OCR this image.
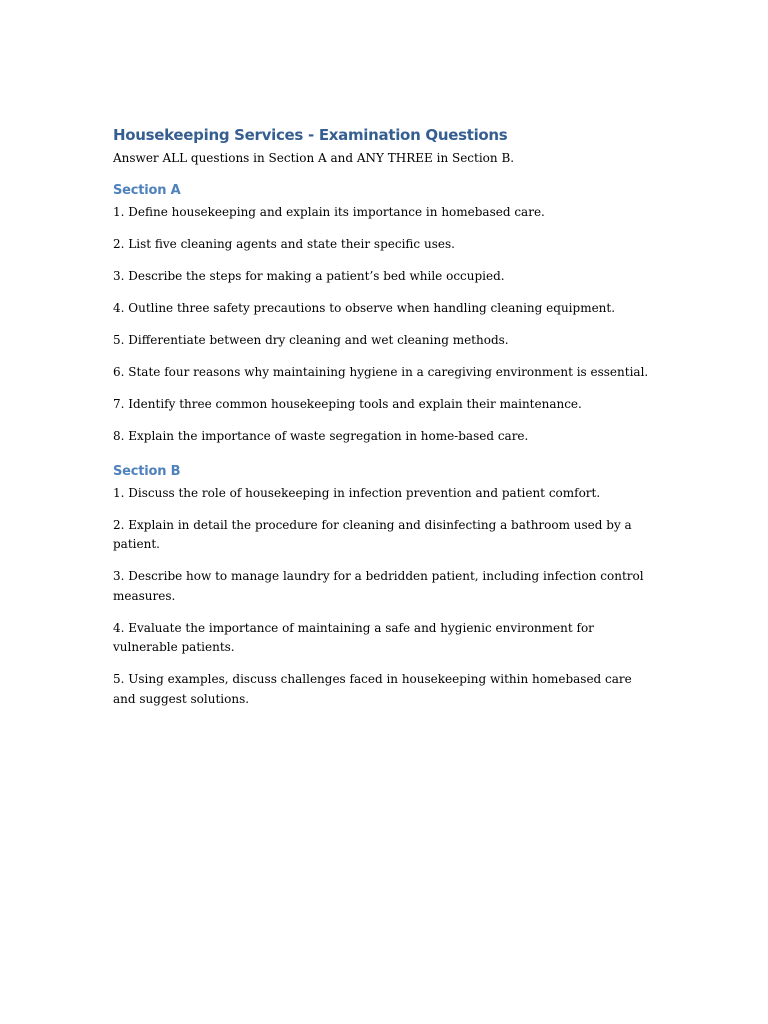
Housekeeping Services - Examination Questions

Answer ALL questions in Section A and ANY THREE in Section B.

Section A

1. Define housekeeping and explain its importance in homebased care.

2. List five cleaning agents and state their specific uses.

3. Describe the steps for making a patient’s bed while occupied.

4. Outline three safety precautions to observe when handling cleaning equipment.

5. Differentiate between dry cleaning and wet cleaning methods.

6. State four reasons why maintaining hygiene in a caregiving environment is essential.

7. Identify three common housekeeping tools and explain their maintenance.

8. Explain the importance of waste segregation in home-based care.

Section B

1. Discuss the role of housekeeping in infection prevention and patient comfort.

2. Explain in detail the procedure for cleaning and disinfecting a bathroom used by a patient.

3. Describe how to manage laundry for a bedridden patient, including infection control measures.

4. Evaluate the importance of maintaining a safe and hygienic environment for vulnerable patients.

5. Using examples, discuss challenges faced in housekeeping within homebased care and suggest solutions.
